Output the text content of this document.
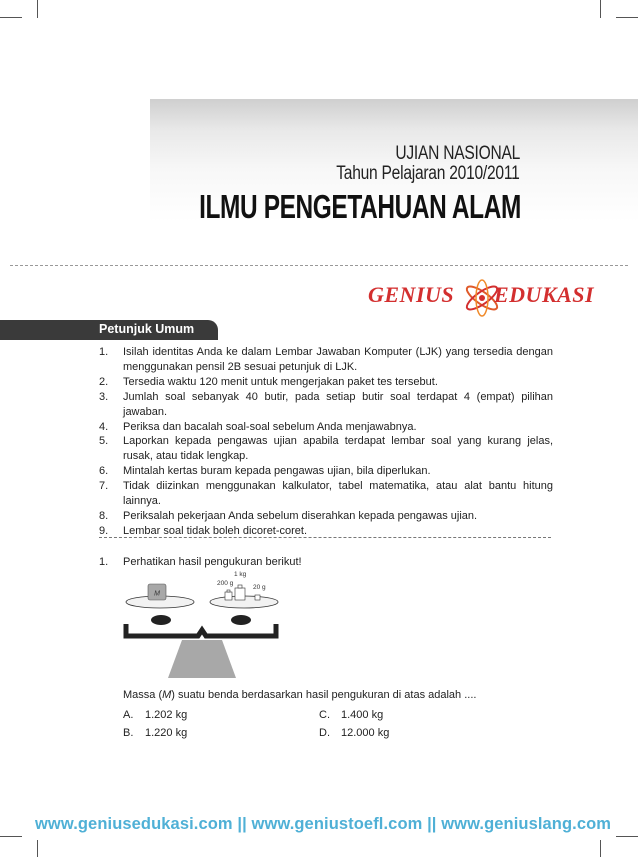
UJIAN NASIONAL
Tahun Pelajaran 2010/2011
ILMU PENGETAHUAN ALAM
GENIUS EDUKASI
Petunjuk Umum
1. Isilah identitas Anda ke dalam Lembar Jawaban Komputer (LJK) yang tersedia dengan menggunakan pensil 2B sesuai petunjuk di LJK.
2. Tersedia waktu 120 menit untuk mengerjakan paket tes tersebut.
3. Jumlah soal sebanyak 40 butir, pada setiap butir soal terdapat 4 (empat) pilihan jawaban.
4. Periksa dan bacalah soal-soal sebelum Anda menjawabnya.
5. Laporkan kepada pengawas ujian apabila terdapat lembar soal yang kurang jelas, rusak, atau tidak lengkap.
6. Mintalah kertas buram kepada pengawas ujian, bila diperlukan.
7. Tidak diizinkan menggunakan kalkulator, tabel matematika, atau alat bantu hitung lainnya.
8. Periksalah pekerjaan Anda sebelum diserahkan kepada pengawas ujian.
9. Lembar soal tidak boleh dicoret-coret.
1. Perhatikan hasil pengukuran berikut!
M
1 kg
200 g
20 g
Massa (M) suatu benda berdasarkan hasil pengukuran di atas adalah ....
A. 1.202 kg
B. 1.220 kg
C. 1.400 kg
D. 12.000 kg
www.geniusedukasi.com || www.geniustoefl.com || www.geniuslang.com
